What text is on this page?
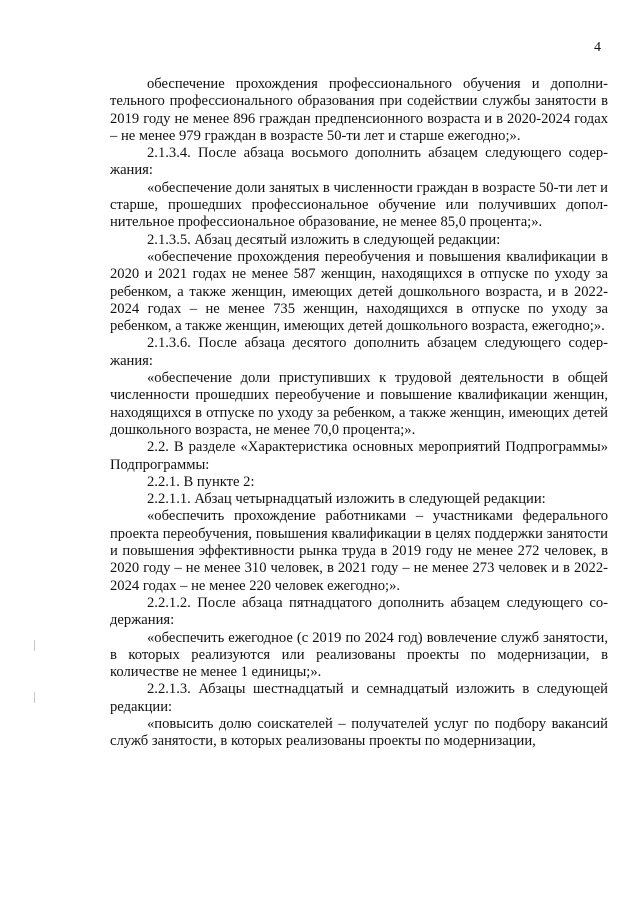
4

обеспечение прохождения профессионального обучения и дополнительного профессионального образования при содействии службы занятости в 2019 году не менее 896 граждан предпенсионного возраста и в 2020-2024 годах – не менее 979 граждан в возрасте 50-ти лет и старше ежегодно;».

2.1.3.4. После абзаца восьмого дополнить абзацем следующего содержания:

«обеспечение доли занятых в численности граждан в возрасте 50-ти лет и старше, прошедших профессиональное обучение или получивших дополнительное профессиональное образование, не менее 85,0 процента;».

2.1.3.5. Абзац десятый изложить в следующей редакции:

«обеспечение прохождения переобучения и повышения квалификации в 2020 и 2021 годах не менее 587 женщин, находящихся в отпуске по уходу за ребенком, а также женщин, имеющих детей дошкольного возраста, и в 2022-2024 годах – не менее 735 женщин, находящихся в отпуске по уходу за ребенком, а также женщин, имеющих детей дошкольного возраста, ежегодно;».

2.1.3.6. После абзаца десятого дополнить абзацем следующего содержания:

«обеспечение доли приступивших к трудовой деятельности в общей численности прошедших переобучение и повышение квалификации женщин, находящихся в отпуске по уходу за ребенком, а также женщин, имеющих детей дошкольного возраста, не менее 70,0 процента;».

2.2. В разделе «Характеристика основных мероприятий Подпрограммы» Подпрограммы:

2.2.1. В пункте 2:

2.2.1.1. Абзац четырнадцатый изложить в следующей редакции:

«обеспечить прохождение работниками – участниками федерального проекта переобучения, повышения квалификации в целях поддержки занятости и повышения эффективности рынка труда в 2019 году не менее 272 человек, в 2020 году – не менее 310 человек, в 2021 году – не менее 273 человек и в 2022-2024 годах – не менее 220 человек ежегодно;».

2.2.1.2. После абзаца пятнадцатого дополнить абзацем следующего содержания:

«обеспечить ежегодное (с 2019 по 2024 год) вовлечение служб занятости, в которых реализуются или реализованы проекты по модернизации, в количестве не менее 1 единицы;».

2.2.1.3. Абзацы шестнадцатый и семнадцатый изложить в следующей редакции:

«повысить долю соискателей – получателей услуг по подбору вакансий служб занятости, в которых реализованы проекты по модернизации,
